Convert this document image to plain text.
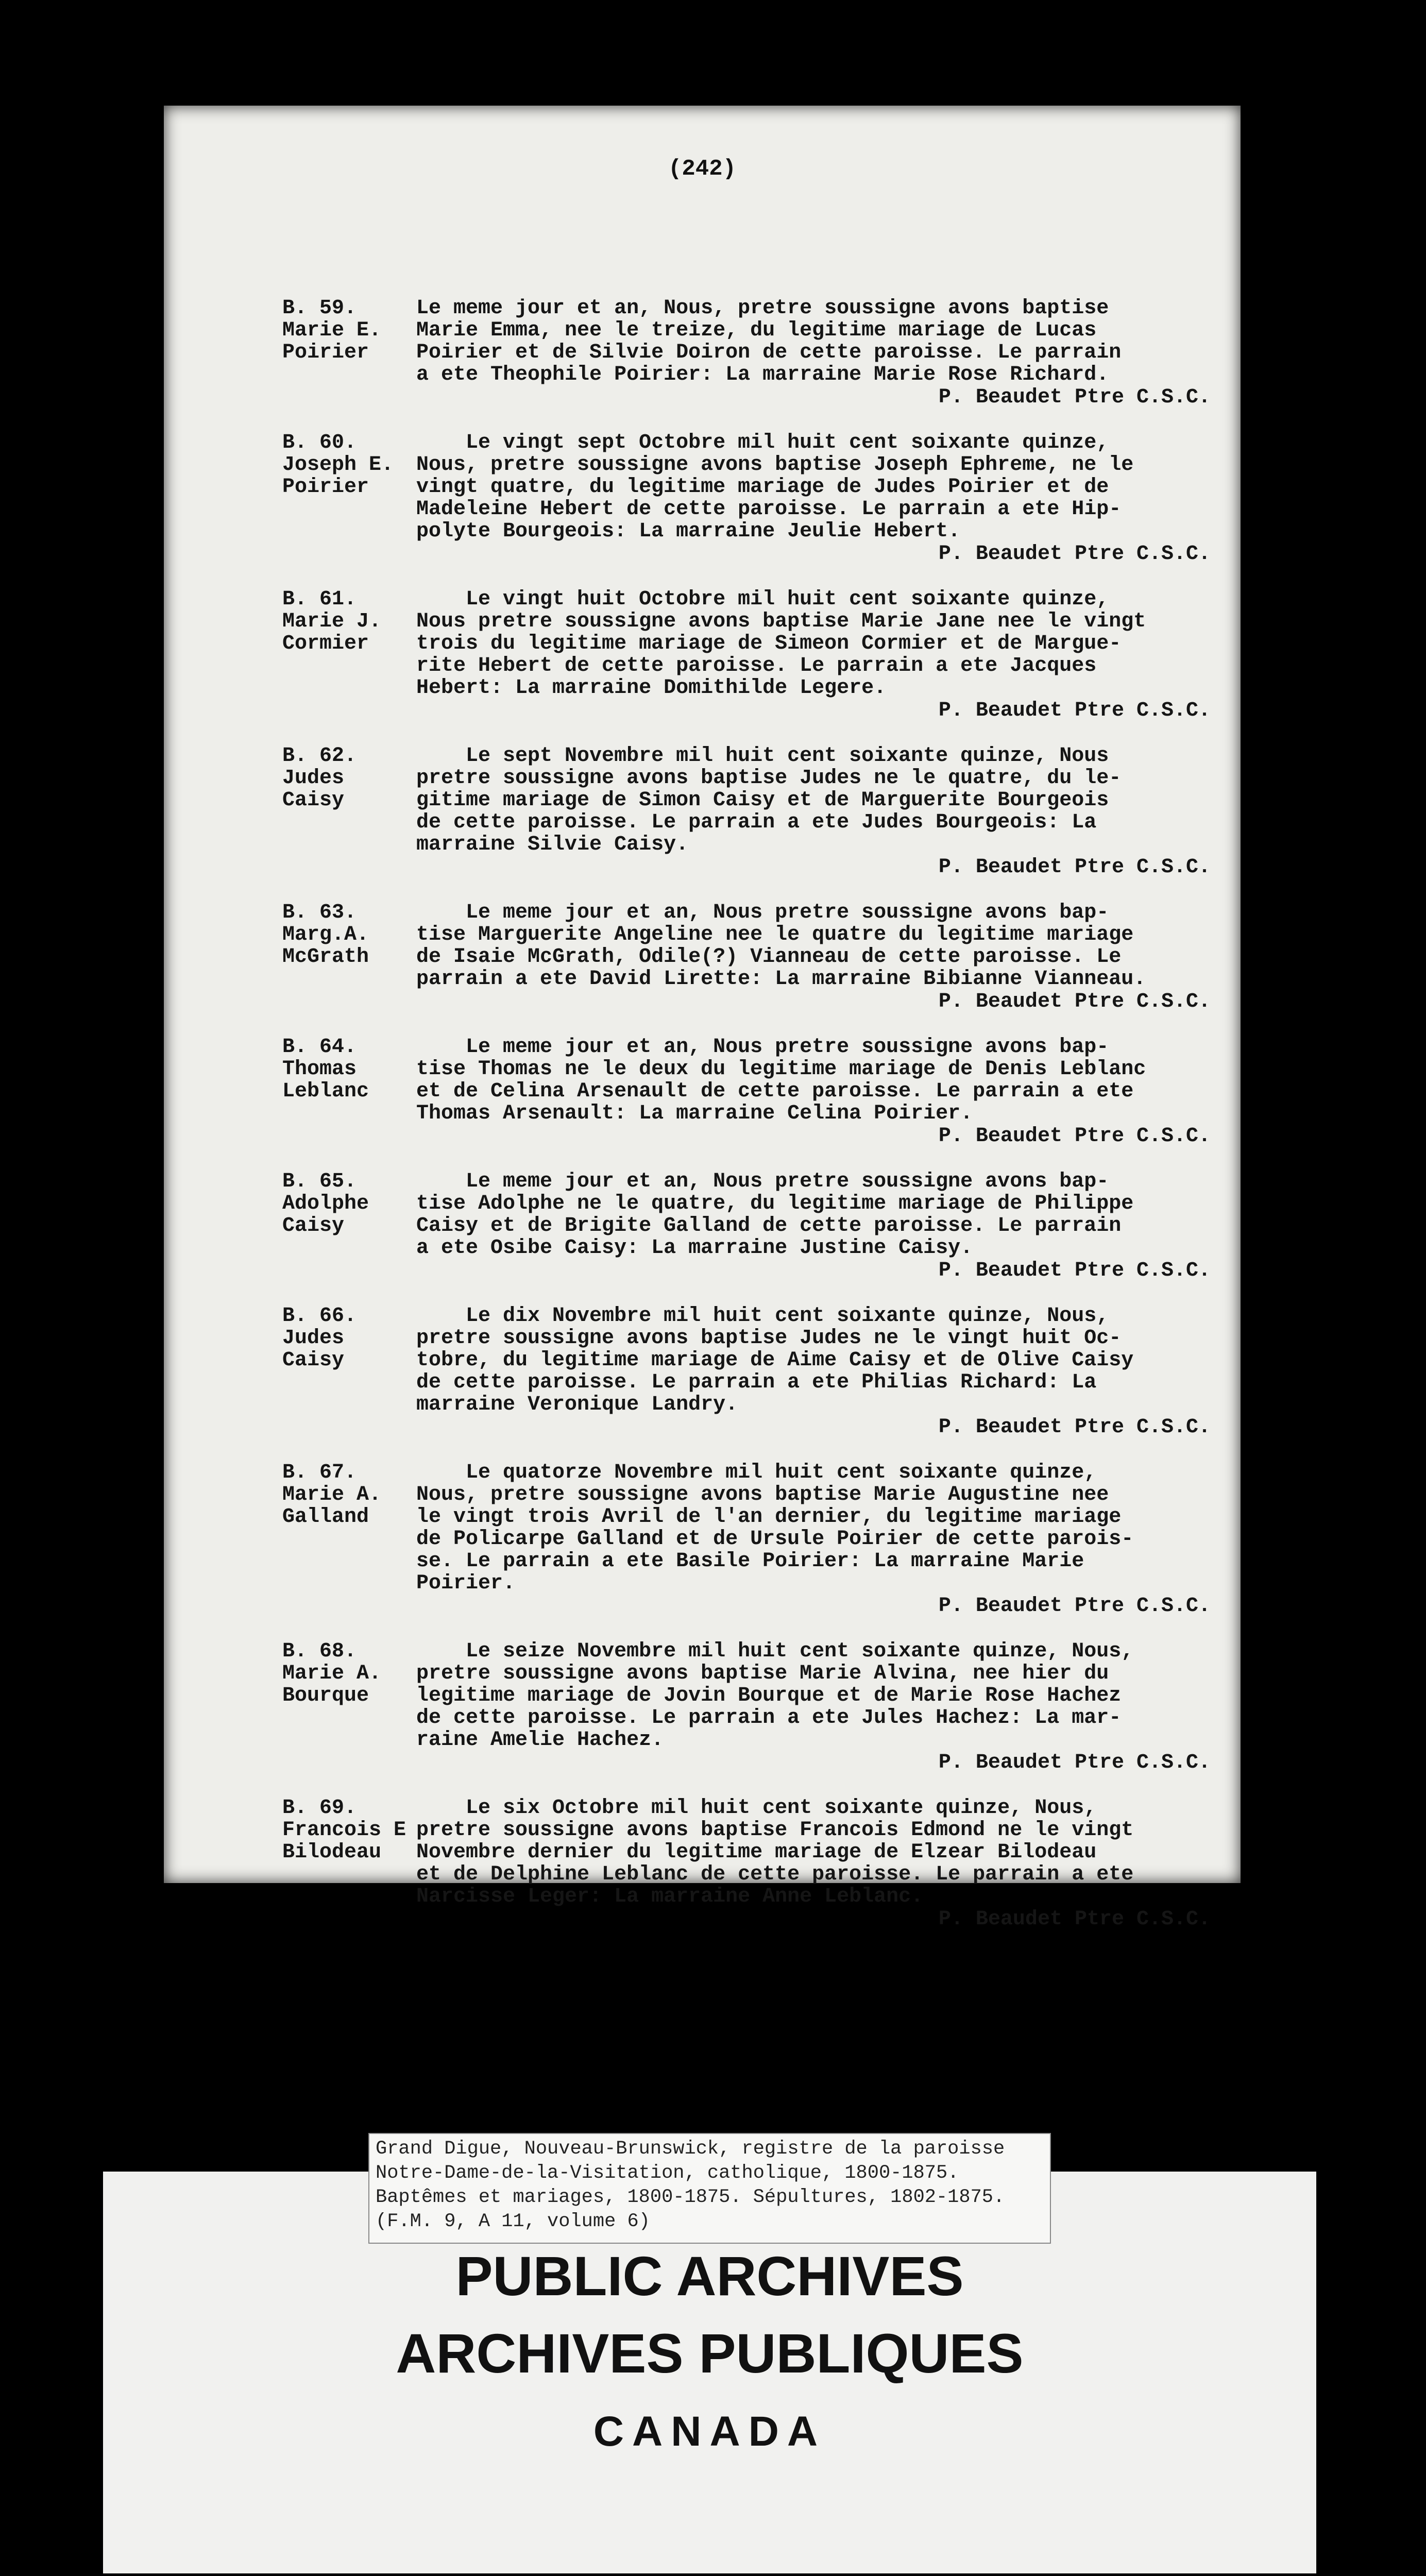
(242)
B. 59.
Marie E.
Poirier

Le meme jour et an, Nous, pretre soussigne avons baptise

Marie Emma, nee le treize, du legitime mariage de Lucas

Poirier et de Silvie Doiron de cette paroisse. Le parrain

a ete Theophile Poirier: La marraine Marie Rose Richard.

P. Beaudet Ptre C.S.C.
B. 60.
Joseph E.
Poirier

Le vingt sept Octobre mil huit cent soixante quinze,

Nous, pretre soussigne avons baptise Joseph Ephreme, ne le

vingt quatre, du legitime mariage de Judes Poirier et de

Madeleine Hebert de cette paroisse. Le parrain a ete Hip-

polyte Bourgeois: La marraine Jeulie Hebert.

P. Beaudet Ptre C.S.C.
B. 61.
Marie J.
Cormier

Le vingt huit Octobre mil huit cent soixante quinze,

Nous pretre soussigne avons baptise Marie Jane nee le vingt

trois du legitime mariage de Simeon Cormier et de Margue-

rite Hebert de cette paroisse. Le parrain a ete Jacques

Hebert: La marraine Domithilde Legere.

P. Beaudet Ptre C.S.C.
B. 62.
Judes
Caisy

Le sept Novembre mil huit cent soixante quinze, Nous

pretre soussigne avons baptise Judes ne le quatre, du le-

gitime mariage de Simon Caisy et de Marguerite Bourgeois

de cette paroisse. Le parrain a ete Judes Bourgeois: La

marraine Silvie Caisy.

P. Beaudet Ptre C.S.C.
B. 63.
Marg.A.
McGrath

Le meme jour et an, Nous pretre soussigne avons bap-

tise Marguerite Angeline nee le quatre du legitime mariage

de Isaie McGrath, Odile(?) Vianneau de cette paroisse. Le

parrain a ete David Lirette: La marraine Bibianne Vianneau.

P. Beaudet Ptre C.S.C.
B. 64.
Thomas
Leblanc

Le meme jour et an, Nous pretre soussigne avons bap-

tise Thomas ne le deux du legitime mariage de Denis Leblanc

et de Celina Arsenault de cette paroisse. Le parrain a ete

Thomas Arsenault: La marraine Celina Poirier.

P. Beaudet Ptre C.S.C.
B. 65.
Adolphe
Caisy

Le meme jour et an, Nous pretre soussigne avons bap-

tise Adolphe ne le quatre, du legitime mariage de Philippe

Caisy et de Brigite Galland de cette paroisse. Le parrain

a ete Osibe Caisy: La marraine Justine Caisy.

P. Beaudet Ptre C.S.C.
B. 66.
Judes
Caisy

Le dix Novembre mil huit cent soixante quinze, Nous,

pretre soussigne avons baptise Judes ne le vingt huit Oc-

tobre, du legitime mariage de Aime Caisy et de Olive Caisy

de cette paroisse. Le parrain a ete Philias Richard: La

marraine Veronique Landry.

P. Beaudet Ptre C.S.C.
B. 67.
Marie A.
Galland

Le quatorze Novembre mil huit cent soixante quinze,

Nous, pretre soussigne avons baptise Marie Augustine nee

le vingt trois Avril de l'an dernier, du legitime mariage

de Policarpe Galland et de Ursule Poirier de cette parois-

se. Le parrain a ete Basile Poirier: La marraine Marie

Poirier.

P. Beaudet Ptre C.S.C.
B. 68.
Marie A.
Bourque

Le seize Novembre mil huit cent soixante quinze, Nous,

pretre soussigne avons baptise Marie Alvina, nee hier du

legitime mariage de Jovin Bourque et de Marie Rose Hachez

de cette paroisse. Le parrain a ete Jules Hachez: La mar-

raine Amelie Hachez.

P. Beaudet Ptre C.S.C.
B. 69.
Francois E
Bilodeau

Le six Octobre mil huit cent soixante quinze, Nous,

pretre soussigne avons baptise Francois Edmond ne le vingt

Novembre dernier du legitime mariage de Elzear Bilodeau

et de Delphine Leblanc de cette paroisse. Le parrain a ete

Narcisse Leger: La marraine Anne Leblanc.

P. Beaudet Ptre C.S.C.
Grand Digue, Nouveau-Brunswick, registre de la paroisse
Notre-Dame-de-la-Visitation, catholique, 1800-1875.
Baptêmes et mariages, 1800-1875. Sépultures, 1802-1875.
(F.M. 9, A 11, volume 6)
PUBLIC ARCHIVES
ARCHIVES PUBLIQUES
CANADA
